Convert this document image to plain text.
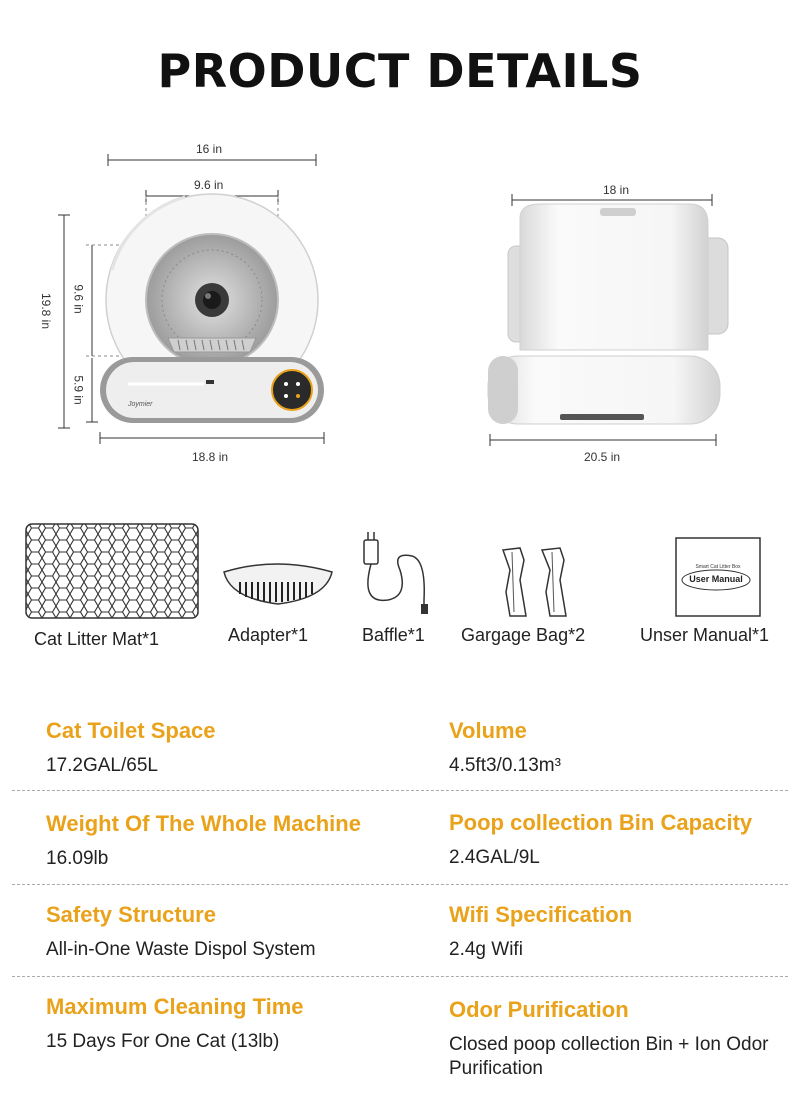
PRODUCT DETAILS
Joymier
Smart Cat Litter Box
User Manual
16 in
9.6 in
19.8 in 9.6 in
5.9 in
18.8 in
18 in
20.5 in
Cat Litter Mat*1	Adapter*1	Baffle*1 Gargage Bag*2	Unser Manual*1
Cat Toilet Space
17.2GAL/65L
Volume
4.5ft3/0.13m³
Weight Of The Whole Machine
16.09lb
Poop collection Bin Capacity
2.4GAL/9L
Safety Structure
All-in-One Waste Dispol System
Wifi Specification
2.4g Wifi
Maximum Cleaning Time
15 Days For One Cat (13lb)
Odor Purification
Closed poop collection Bin + Ion Odor Purification
